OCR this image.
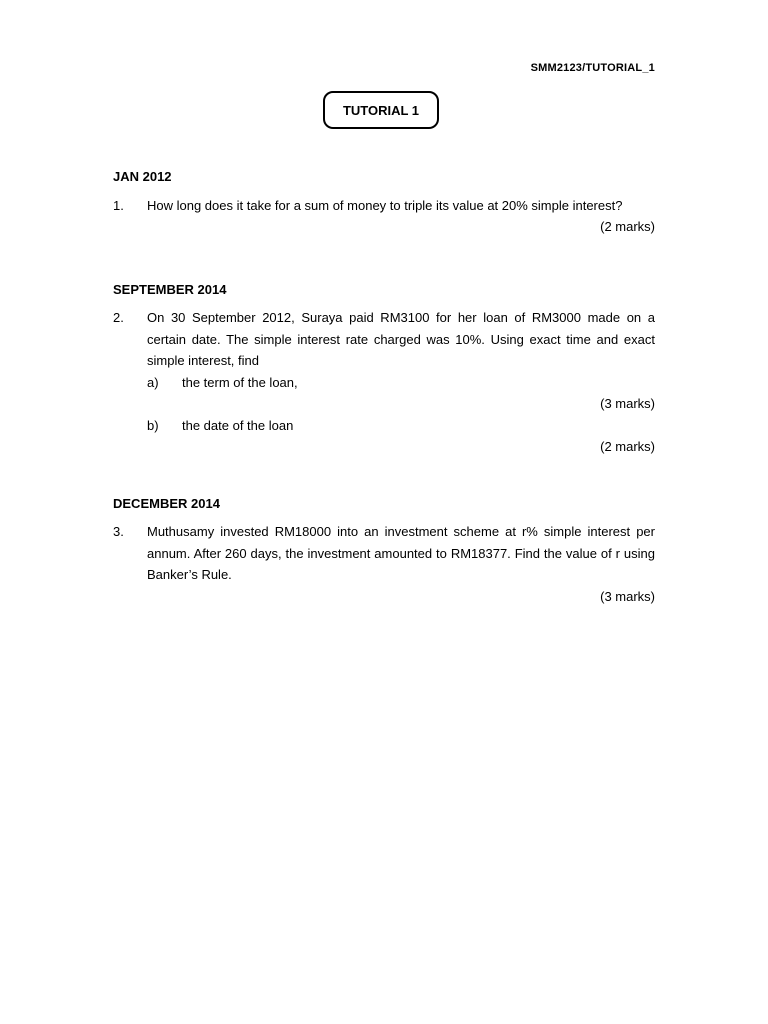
SMM2123/TUTORIAL_1
TUTORIAL 1
JAN 2012
1.	How long does it take for a sum of money to triple its value at 20% simple interest?
(2 marks)
SEPTEMBER 2014
2.	On 30 September 2012, Suraya paid RM3100 for her loan of RM3000 made on a certain date. The simple interest rate charged was 10%. Using exact time and exact simple interest, find
a)	the term of the loan,
(3 marks)
b)	the date of the loan
(2 marks)
DECEMBER 2014
3.	Muthusamy invested RM18000 into an investment scheme at r% simple interest per annum. After 260 days, the investment amounted to RM18377. Find the value of r using Banker’s Rule.
(3 marks)
